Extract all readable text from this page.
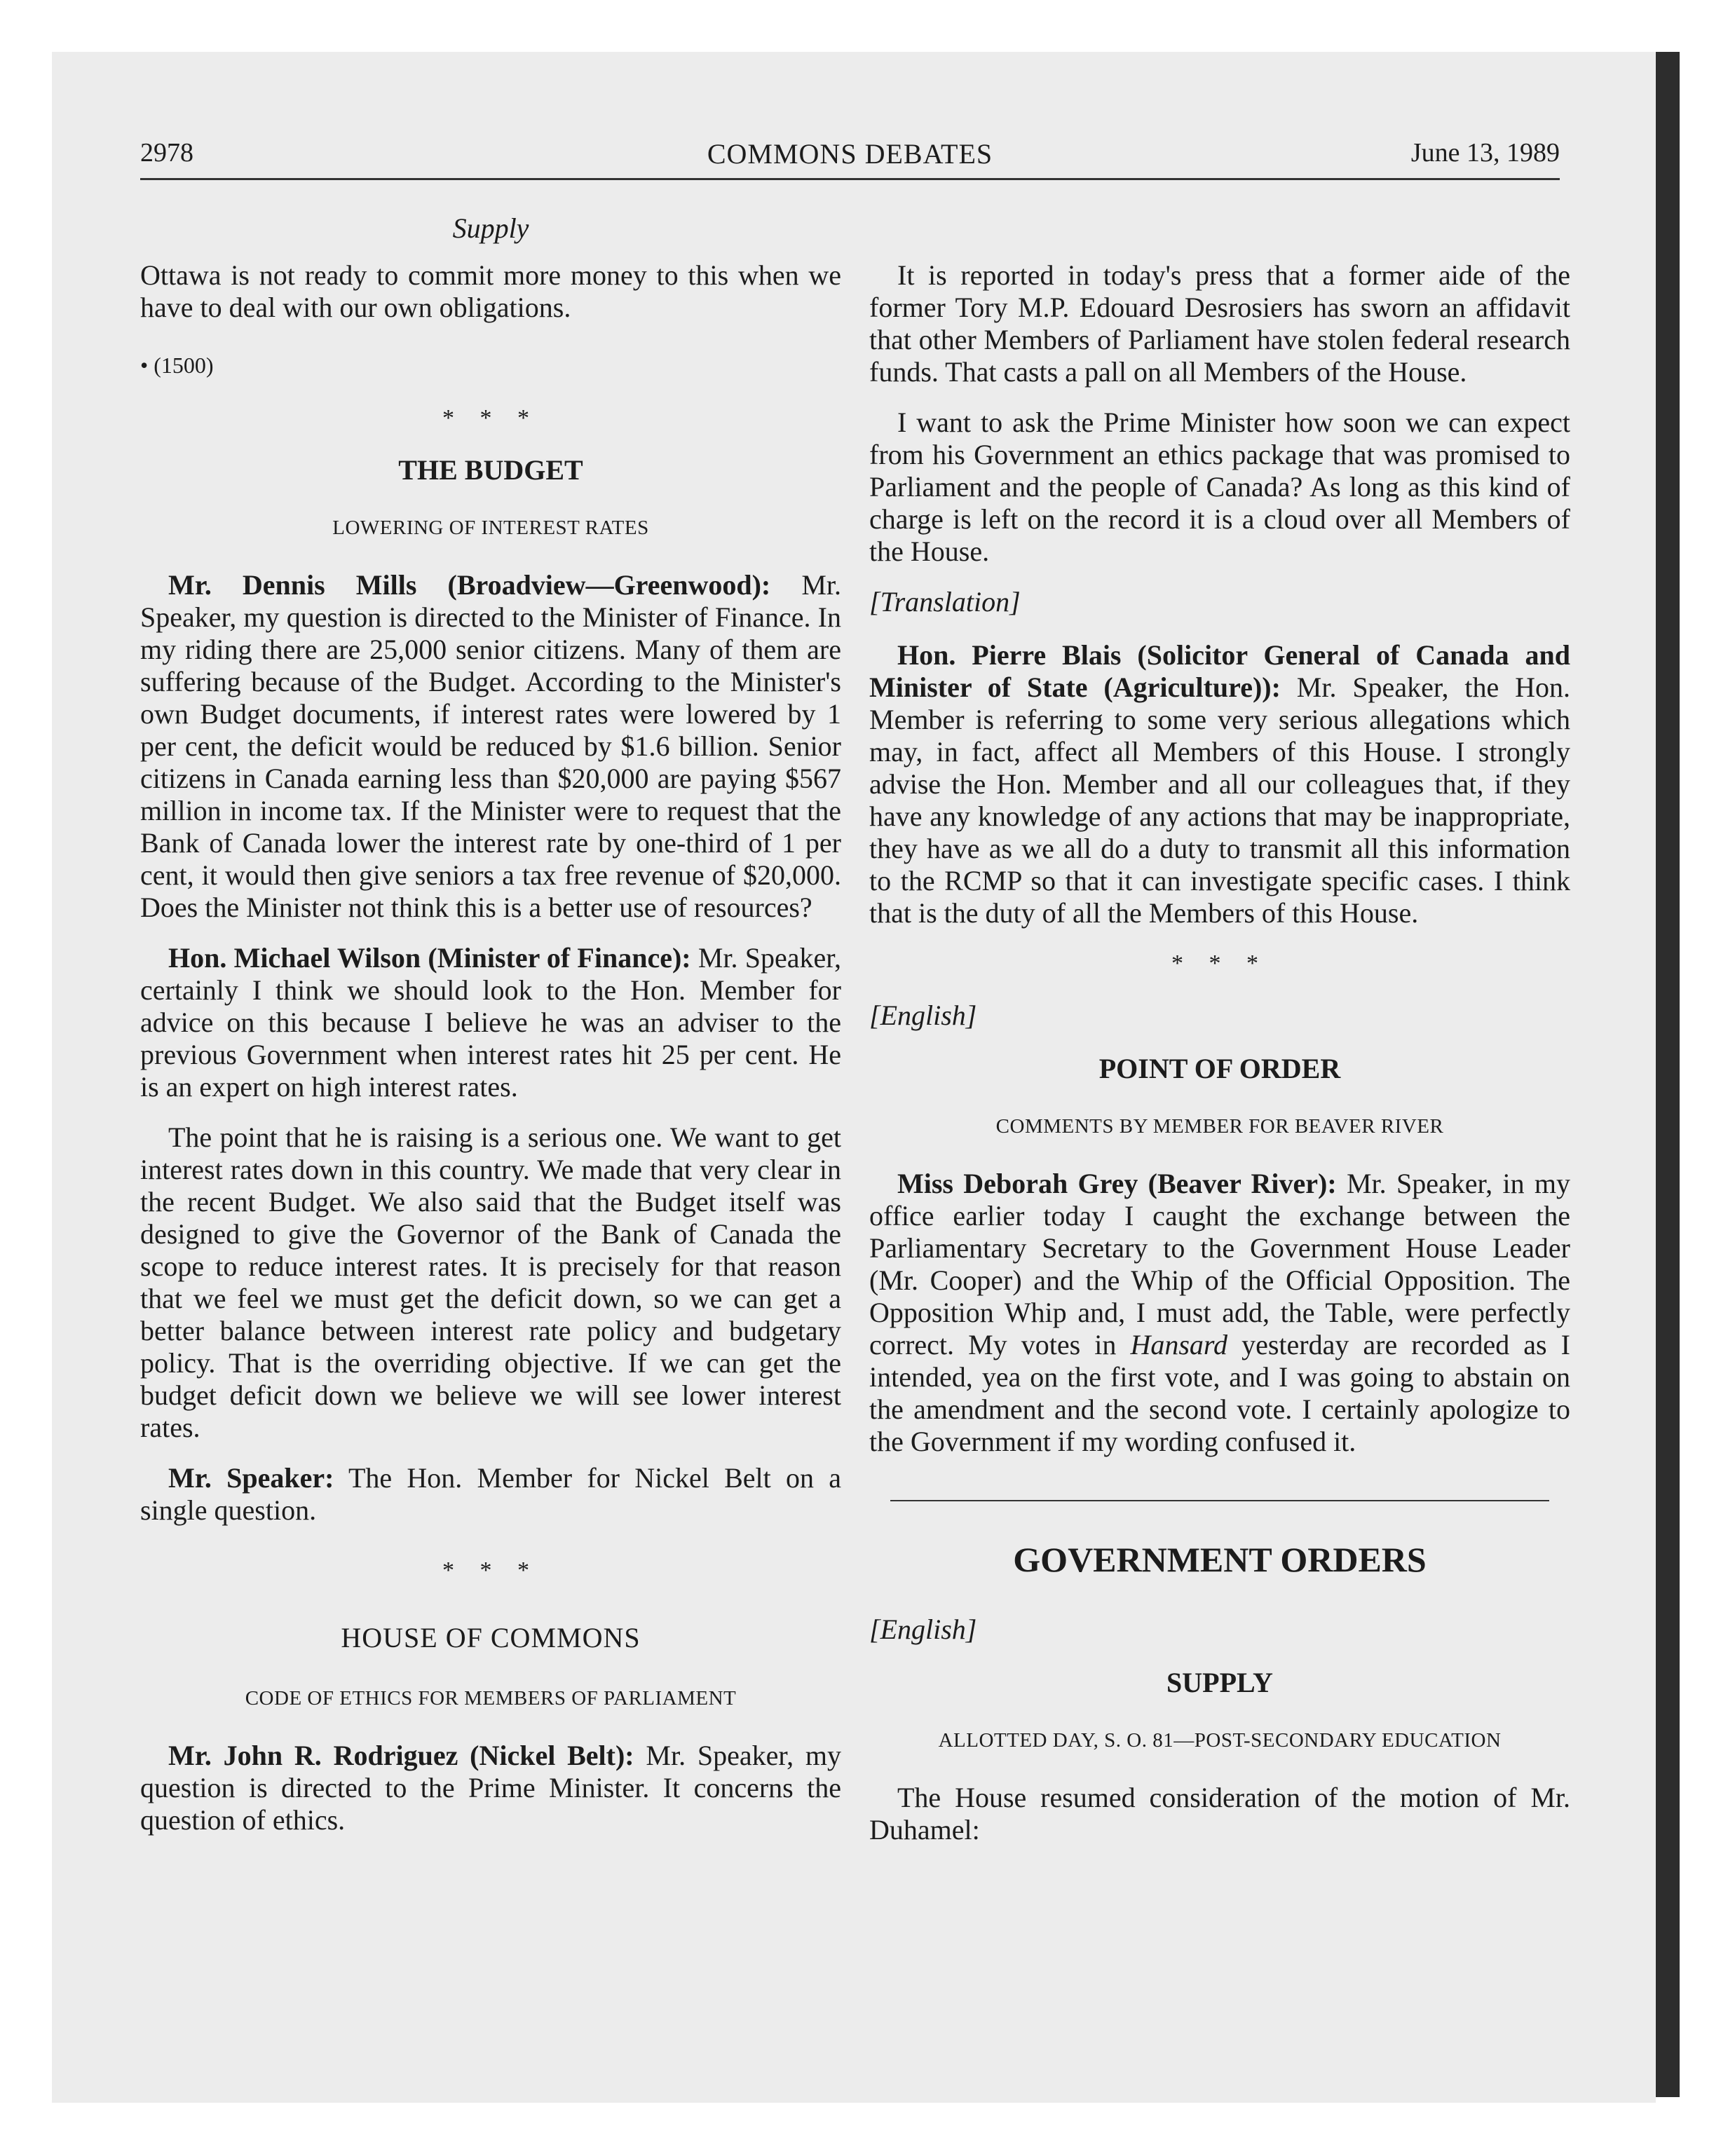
2978	COMMONS DEBATES	June 13, 1989
Supply

Ottawa is not ready to commit more money to this when we have to deal with our own obligations.

• (1500)
* * *
THE BUDGET
LOWERING OF INTEREST RATES

Mr. Dennis Mills (Broadview—Greenwood): Mr. Speaker, my question is directed to the Minister of Finance. In my riding there are 25,000 senior citizens. Many of them are suffering because of the Budget. According to the Minister's own Budget documents, if interest rates were lowered by 1 per cent, the deficit would be reduced by $1.6 billion. Senior citizens in Canada earning less than $20,000 are paying $567 million in income tax. If the Minister were to request that the Bank of Canada lower the interest rate by one-third of 1 per cent, it would then give seniors a tax free revenue of $20,000. Does the Minister not think this is a better use of resources?

Hon. Michael Wilson (Minister of Finance): Mr. Speaker, certainly I think we should look to the Hon. Member for advice on this because I believe he was an adviser to the previous Government when interest rates hit 25 per cent. He is an expert on high interest rates.

The point that he is raising is a serious one. We want to get interest rates down in this country. We made that very clear in the recent Budget. We also said that the Budget itself was designed to give the Governor of the Bank of Canada the scope to reduce interest rates. It is precisely for that reason that we feel we must get the deficit down, so we can get a better balance between interest rate policy and budgetary policy. That is the overriding objective. If we can get the budget deficit down we believe we will see lower interest rates.

Mr. Speaker: The Hon. Member for Nickel Belt on a single question.

* * *
HOUSE OF COMMONS
CODE OF ETHICS FOR MEMBERS OF PARLIAMENT

Mr. John R. Rodriguez (Nickel Belt): Mr. Speaker, my question is directed to the Prime Minister. It concerns the question of ethics.

It is reported in today's press that a former aide of the former Tory M.P. Edouard Desrosiers has sworn an affidavit that other Members of Parliament have stolen federal research funds. That casts a pall on all Members of the House.

I want to ask the Prime Minister how soon we can expect from his Government an ethics package that was promised to Parliament and the people of Canada? As long as this kind of charge is left on the record it is a cloud over all Members of the House.

[Translation]

Hon. Pierre Blais (Solicitor General of Canada and Minister of State (Agriculture)): Mr. Speaker, the Hon. Member is referring to some very serious allegations which may, in fact, affect all Members of this House. I strongly advise the Hon. Member and all our colleagues that, if they have any knowledge of any actions that may be inappropriate, they have as we all do a duty to transmit all this information to the RCMP so that it can investigate specific cases. I think that is the duty of all the Members of this House.

* * *
[English]
POINT OF ORDER
COMMENTS BY MEMBER FOR BEAVER RIVER

Miss Deborah Grey (Beaver River): Mr. Speaker, in my office earlier today I caught the exchange between the Parliamentary Secretary to the Government House Leader (Mr. Cooper) and the Whip of the Official Opposition. The Opposition Whip and, I must add, the Table, were perfectly correct. My votes in Hansard yesterday are recorded as I intended, yea on the first vote, and I was going to abstain on the amendment and the second vote. I certainly apologize to the Government if my wording confused it.

GOVERNMENT ORDERS
[English]
SUPPLY
ALLOTTED DAY, S. O. 81—POST-SECONDARY EDUCATION

The House resumed consideration of the motion of Mr. Duhamel:
